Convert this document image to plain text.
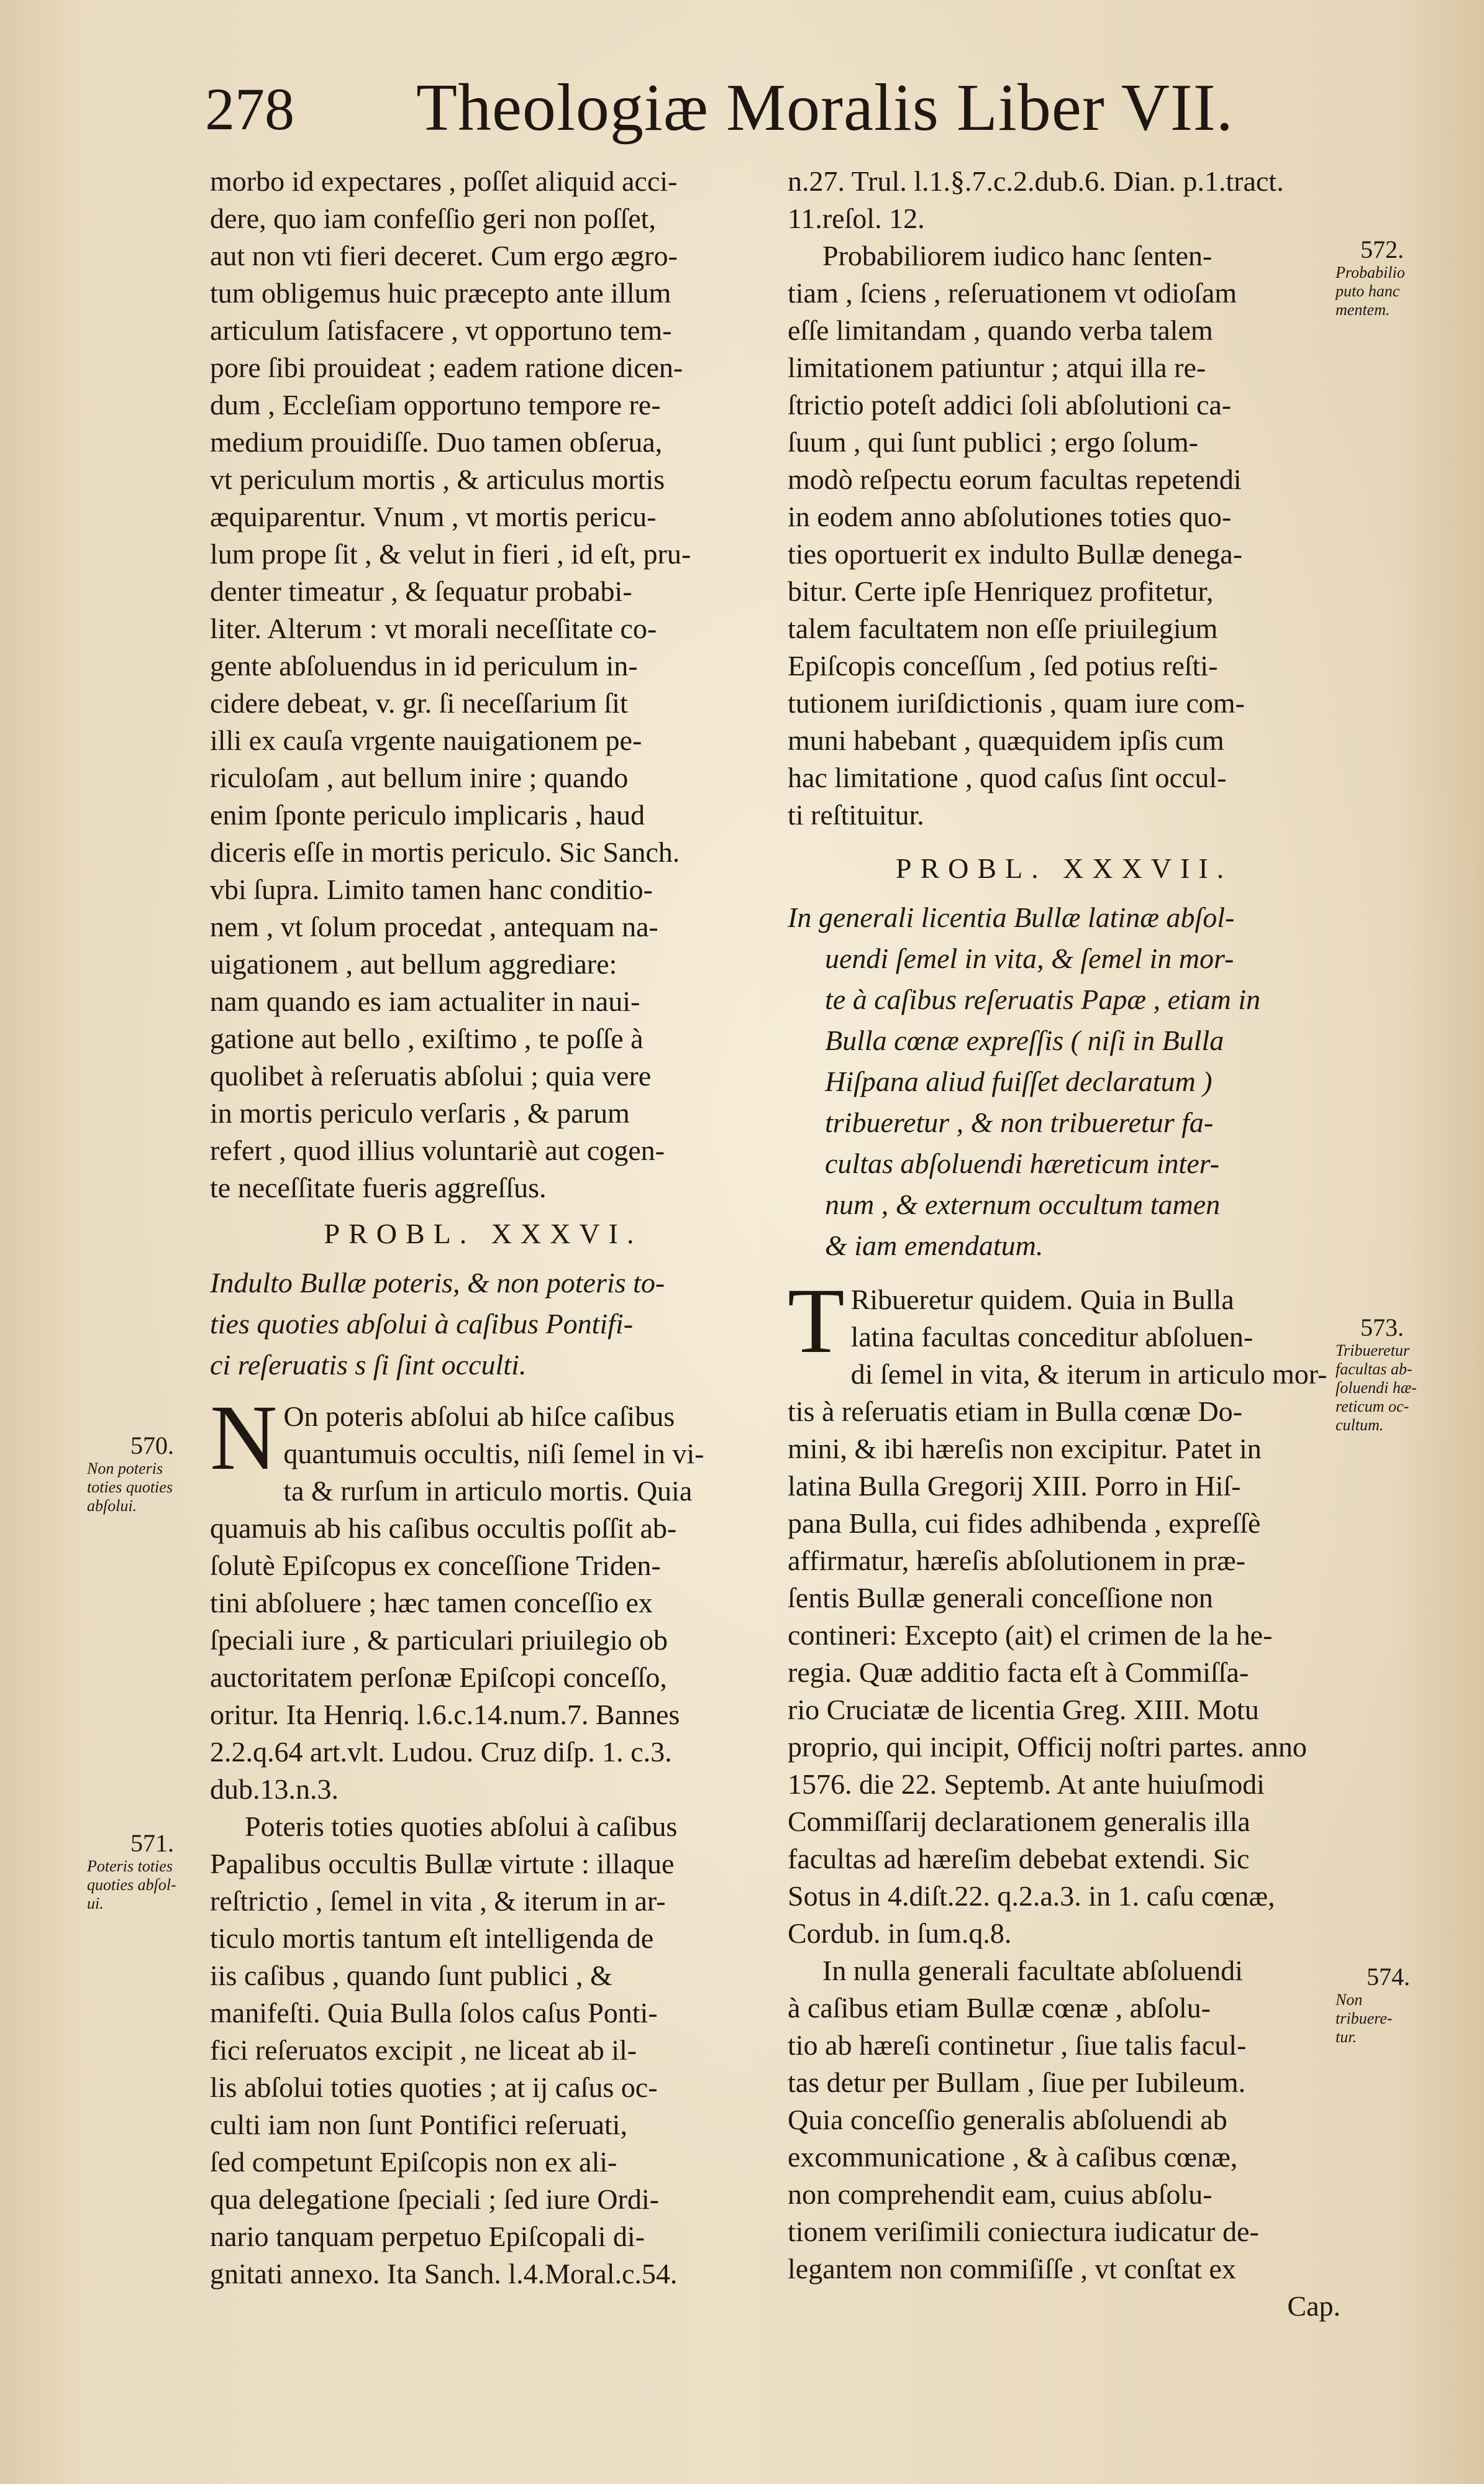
278 Theologiæ Moralis Liber VII.

morbo id expectares , poſſet aliquid acci-
dere, quo iam confeſſio geri non poſſet,
aut non vti fieri deceret. Cum ergo ægro-
tum obligemus huic præcepto ante illum
articulum ſatisfacere , vt opportuno tem-
pore ſibi prouideat ; eadem ratione dicen-
dum , Eccleſiam opportuno tempore re-
medium prouidiſſe. Duo tamen obſerua,
vt periculum mortis , & articulus mortis
æquiparentur. Vnum , vt mortis pericu-
lum prope ſit , & velut in fieri , id eſt, pru-
denter timeatur , & ſequatur probabi-
liter. Alterum : vt morali neceſſitate co-
gente abſoluendus in id periculum in-
cidere debeat, v. gr. ſi neceſſarium ſit
illi ex cauſa vrgente nauigationem pe-
riculoſam , aut bellum inire ; quando
enim ſponte periculo implicaris , haud
diceris eſſe in mortis periculo. Sic Sanch.
vbi ſupra. Limito tamen hanc conditio-
nem , vt ſolum procedat , antequam na-
uigationem , aut bellum aggrediare:
nam quando es iam actualiter in naui-
gatione aut bello , exiſtimo , te poſſe à
quolibet à reſeruatis abſolui ; quia vere
in mortis periculo verſaris , & parum
refert , quod illius voluntariè aut cogen-
te neceſſitate fueris aggreſſus.

PROBL. XXXVI.

Indulto Bullæ poteris, & non poteris to-
ties quoties abſolui à caſibus Pontifi-
ci reſeruatis s ſi ſint occulti.

N On poteris abſolui ab hiſce caſibus
quantumuis occultis, niſi ſemel in vi-
ta & rurſum in articulo mortis. Quia
quamuis ab his caſibus occultis poſſit ab-
ſolutè Epiſcopus ex conceſſione Triden-
tini abſoluere ; hæc tamen conceſſio ex
ſpeciali iure , & particulari priuilegio ob
auctoritatem perſonæ Epiſcopi conceſſo,
oritur. Ita Henriq. l.6.c.14.num.7. Bannes
2.2.q.64 art.vlt. Ludou. Cruz diſp. 1. c.3.
dub.13.n.3.

Poteris toties quoties abſolui à caſibus
Papalibus occultis Bullæ virtute : illaque
reſtrictio , ſemel in vita , & iterum in ar-
ticulo mortis tantum eſt intelligenda de
iis caſibus , quando ſunt publici , &
manifeſti. Quia Bulla ſolos caſus Ponti-
fici reſeruatos excipit , ne liceat ab il-
lis abſolui toties quoties ; at ij caſus oc-
culti iam non ſunt Pontifici reſeruati,
ſed competunt Epiſcopis non ex ali-
qua delegatione ſpeciali ; ſed iure Ordi-
nario tanquam perpetuo Epiſcopali di-
gnitati annexo. Ita Sanch. l.4.Moral.c.54.

n.27. Trul. l.1.§.7.c.2.dub.6. Dian. p.1.tract.
11.reſol. 12.

Probabiliorem iudico hanc ſenten-
tiam , ſciens , reſeruationem vt odioſam
eſſe limitandam , quando verba talem
limitationem patiuntur ; atqui illa re-
ſtrictio poteſt addici ſoli abſolutioni ca-
ſuum , qui ſunt publici ; ergo ſolum-
modò reſpectu eorum facultas repetendi
in eodem anno abſolutiones toties quo-
ties oportuerit ex indulto Bullæ denega-
bitur. Certe ipſe Henriquez profitetur,
talem facultatem non eſſe priuilegium
Epiſcopis conceſſum , ſed potius reſti-
tutionem iuriſdictionis , quam iure com-
muni habebant , quæquidem ipſis cum
hac limitatione , quod caſus ſint occul-
ti reſtituitur.

PROBL. XXXVII.

In generali licentia Bullæ latinæ abſol-
uendi ſemel in vita, & ſemel in mor-
te à caſibus reſeruatis Papæ , etiam in
Bulla cœnæ expreſſis ( niſi in Bulla
Hiſpana aliud fuiſſet declaratum )
tribueretur , & non tribueretur fa-
cultas abſoluendi hæreticum inter-
num , & externum occultum tamen
& iam emendatum.

T Ribueretur quidem. Quia in Bulla
latina facultas conceditur abſoluen-
di ſemel in vita, & iterum in articulo mor-
tis à reſeruatis etiam in Bulla cœnæ Do-
mini, & ibi hæreſis non excipitur. Patet in
latina Bulla Gregorij XIII. Porro in Hiſ-
pana Bulla, cui fides adhibenda , expreſſè
affirmatur, hæreſis abſolutionem in præ-
ſentis Bullæ generali conceſſione non
contineri: Excepto (ait) el crimen de la he-
regia. Quæ additio facta eſt à Commiſſa-
rio Cruciatæ de licentia Greg. XIII. Motu
proprio, qui incipit, Officij noſtri partes. anno
1576. die 22. Septemb. At ante huiuſmodi
Commiſſarij declarationem generalis illa
facultas ad hæreſim debebat extendi. Sic
Sotus in 4.diſt.22. q.2.a.3. in 1. caſu cœnæ,
Cordub. in ſum.q.8.

In nulla generali facultate abſoluendi
à caſibus etiam Bullæ cœnæ , abſolu-
tio ab hæreſi continetur , ſiue talis facul-
tas detur per Bullam , ſiue per Iubileum.
Quia conceſſio generalis abſoluendi ab
excommunicatione , & à caſibus cœnæ,
non comprehendit eam, cuius abſolu-
tionem veriſimili coniectura iudicatur de-
legantem non commiſiſſe , vt conſtat ex
Cap.

570.
Non poteris
toties quoties
abſolui.
571.
Poteris toties
quoties abſol-
ui.
572.
Probabilio
puto hanc
mentem.
573.
Tribueretur
facultas ab-
ſoluendi hæ-
reticum oc-
cultum.
574.
Non tribuere-
tur.
